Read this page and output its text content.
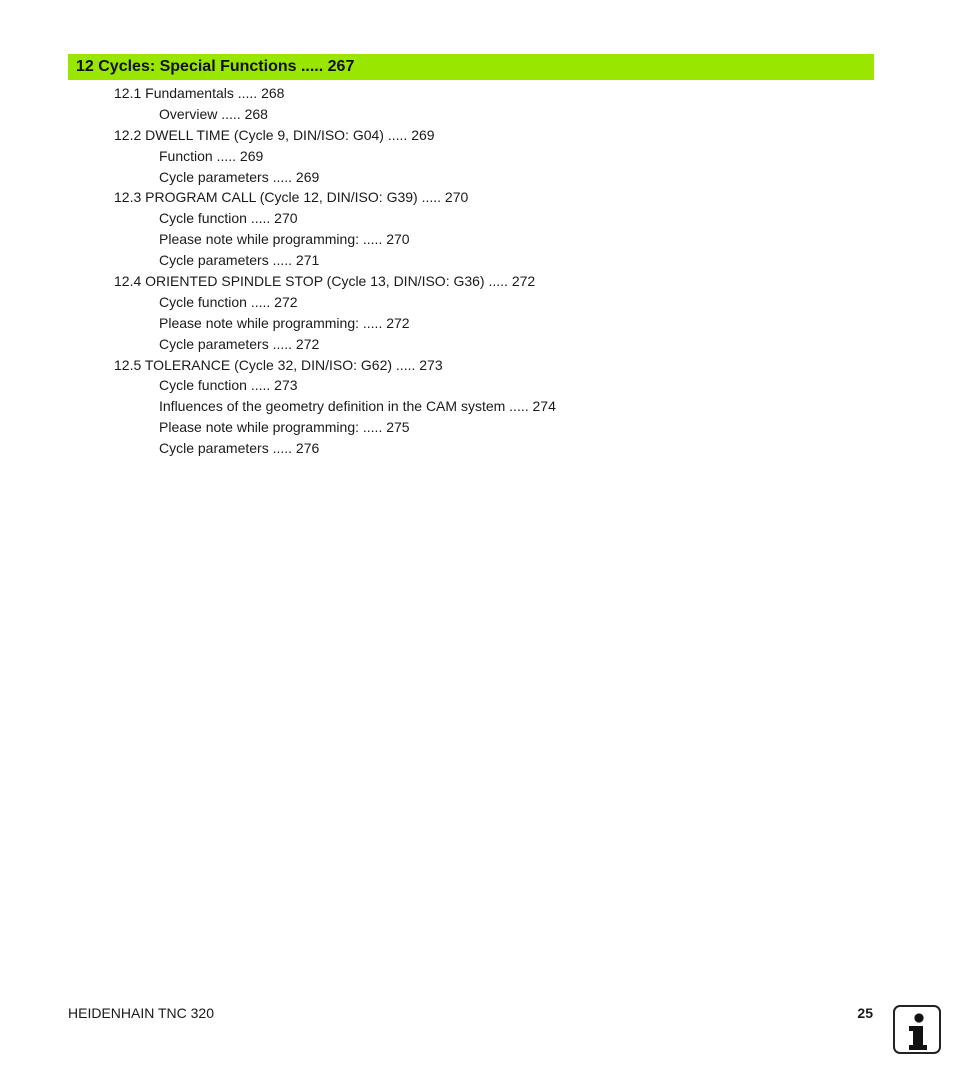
12 Cycles: Special Functions ..... 267
12.1 Fundamentals ..... 268
Overview ..... 268
12.2 DWELL TIME (Cycle 9, DIN/ISO: G04) ..... 269
Function ..... 269
Cycle parameters ..... 269
12.3 PROGRAM CALL (Cycle 12, DIN/ISO: G39) ..... 270
Cycle function ..... 270
Please note while programming: ..... 270
Cycle parameters ..... 271
12.4 ORIENTED SPINDLE STOP (Cycle 13, DIN/ISO: G36) ..... 272
Cycle function ..... 272
Please note while programming: ..... 272
Cycle parameters ..... 272
12.5 TOLERANCE (Cycle 32, DIN/ISO: G62) ..... 273
Cycle function ..... 273
Influences of the geometry definition in the CAM system ..... 274
Please note while programming: ..... 275
Cycle parameters ..... 276
HEIDENHAIN TNC 320	25
